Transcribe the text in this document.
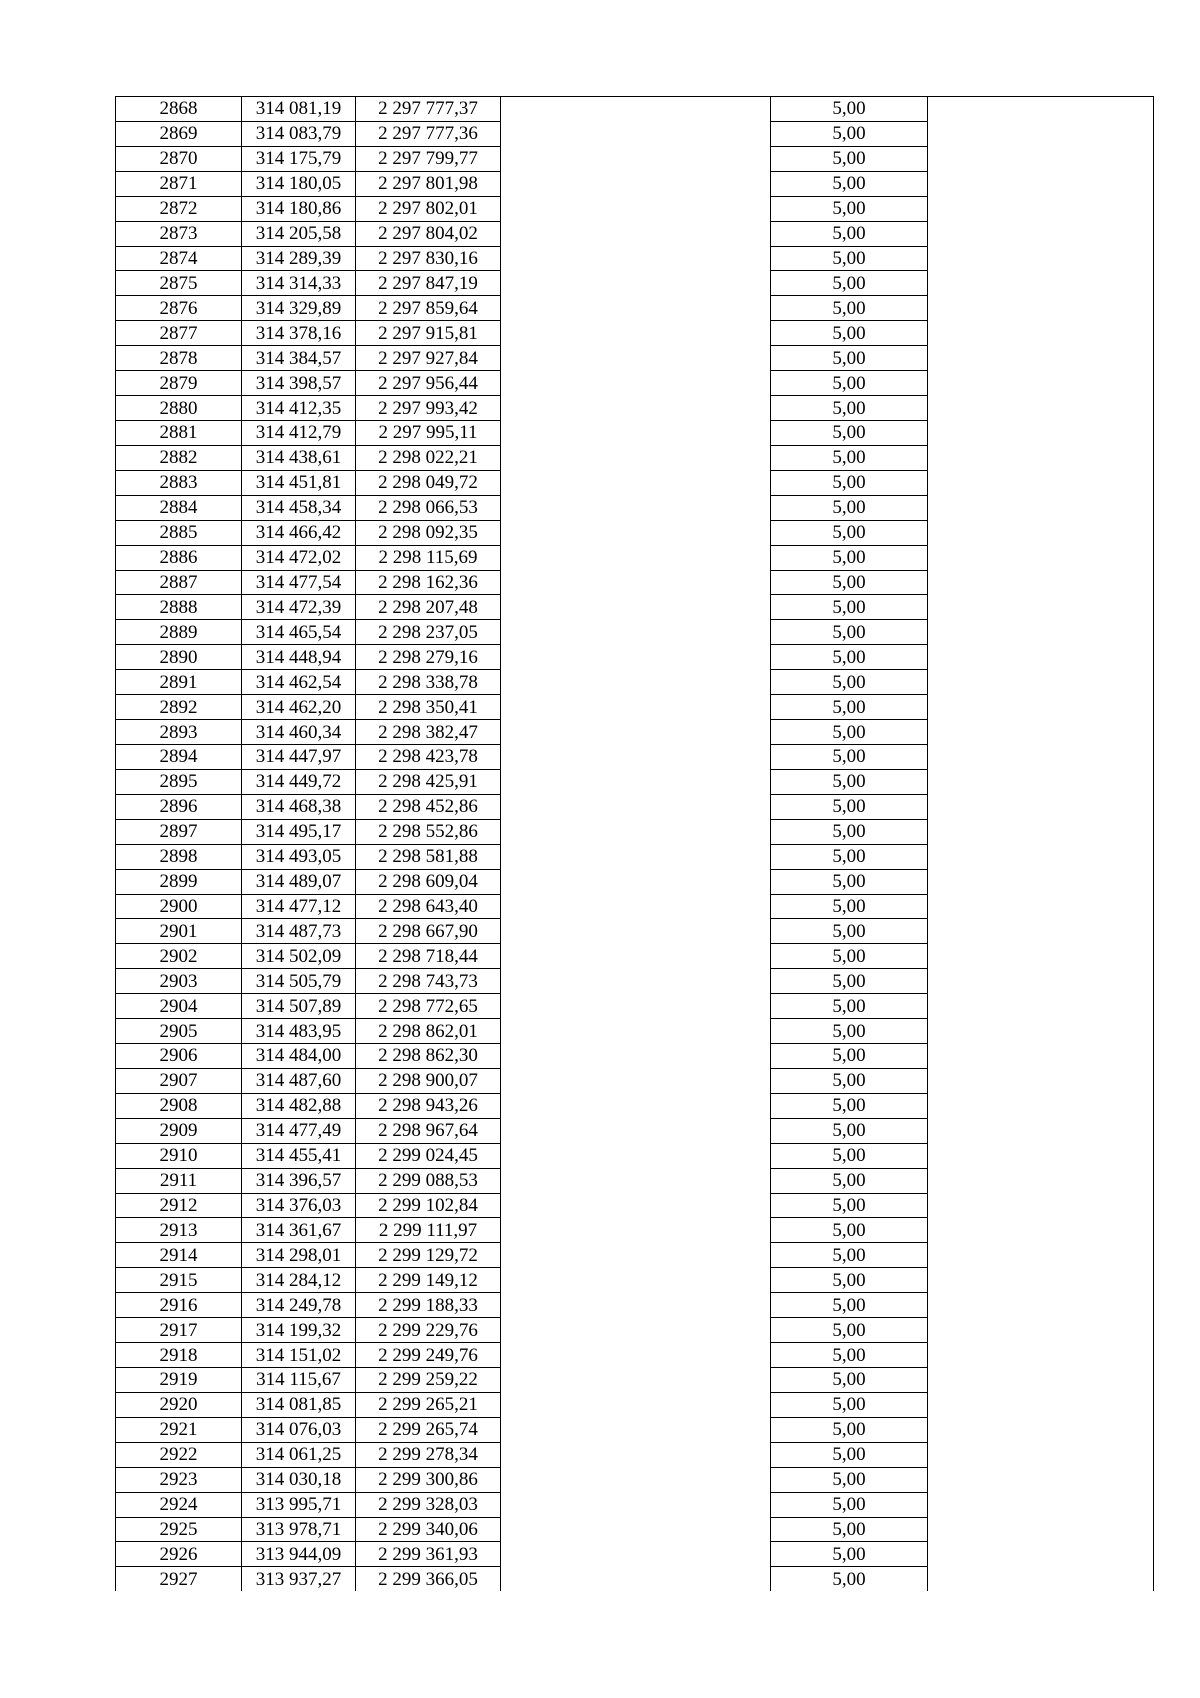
2868	314 081,19	2 297 777,37		5,00	
2869	314 083,79	2 297 777,36		5,00	
2870	314 175,79	2 297 799,77		5,00	
2871	314 180,05	2 297 801,98		5,00	
2872	314 180,86	2 297 802,01		5,00	
2873	314 205,58	2 297 804,02		5,00	
2874	314 289,39	2 297 830,16		5,00	
2875	314 314,33	2 297 847,19		5,00	
2876	314 329,89	2 297 859,64		5,00	
2877	314 378,16	2 297 915,81		5,00	
2878	314 384,57	2 297 927,84		5,00	
2879	314 398,57	2 297 956,44		5,00	
2880	314 412,35	2 297 993,42		5,00	
2881	314 412,79	2 297 995,11		5,00	
2882	314 438,61	2 298 022,21		5,00	
2883	314 451,81	2 298 049,72		5,00	
2884	314 458,34	2 298 066,53		5,00	
2885	314 466,42	2 298 092,35		5,00	
2886	314 472,02	2 298 115,69		5,00	
2887	314 477,54	2 298 162,36		5,00	
2888	314 472,39	2 298 207,48		5,00	
2889	314 465,54	2 298 237,05		5,00	
2890	314 448,94	2 298 279,16		5,00	
2891	314 462,54	2 298 338,78		5,00	
2892	314 462,20	2 298 350,41		5,00	
2893	314 460,34	2 298 382,47		5,00	
2894	314 447,97	2 298 423,78		5,00	
2895	314 449,72	2 298 425,91		5,00	
2896	314 468,38	2 298 452,86		5,00	
2897	314 495,17	2 298 552,86		5,00	
2898	314 493,05	2 298 581,88		5,00	
2899	314 489,07	2 298 609,04		5,00	
2900	314 477,12	2 298 643,40		5,00	
2901	314 487,73	2 298 667,90		5,00	
2902	314 502,09	2 298 718,44		5,00	
2903	314 505,79	2 298 743,73		5,00	
2904	314 507,89	2 298 772,65		5,00	
2905	314 483,95	2 298 862,01		5,00	
2906	314 484,00	2 298 862,30		5,00	
2907	314 487,60	2 298 900,07		5,00	
2908	314 482,88	2 298 943,26		5,00	
2909	314 477,49	2 298 967,64		5,00	
2910	314 455,41	2 299 024,45		5,00	
2911	314 396,57	2 299 088,53		5,00	
2912	314 376,03	2 299 102,84		5,00	
2913	314 361,67	2 299 111,97		5,00	
2914	314 298,01	2 299 129,72		5,00	
2915	314 284,12	2 299 149,12		5,00	
2916	314 249,78	2 299 188,33		5,00	
2917	314 199,32	2 299 229,76		5,00	
2918	314 151,02	2 299 249,76		5,00	
2919	314 115,67	2 299 259,22		5,00	
2920	314 081,85	2 299 265,21		5,00	
2921	314 076,03	2 299 265,74		5,00	
2922	314 061,25	2 299 278,34		5,00	
2923	314 030,18	2 299 300,86		5,00	
2924	313 995,71	2 299 328,03		5,00	
2925	313 978,71	2 299 340,06		5,00	
2926	313 944,09	2 299 361,93		5,00	
2927	313 937,27	2 299 366,05		5,00	
